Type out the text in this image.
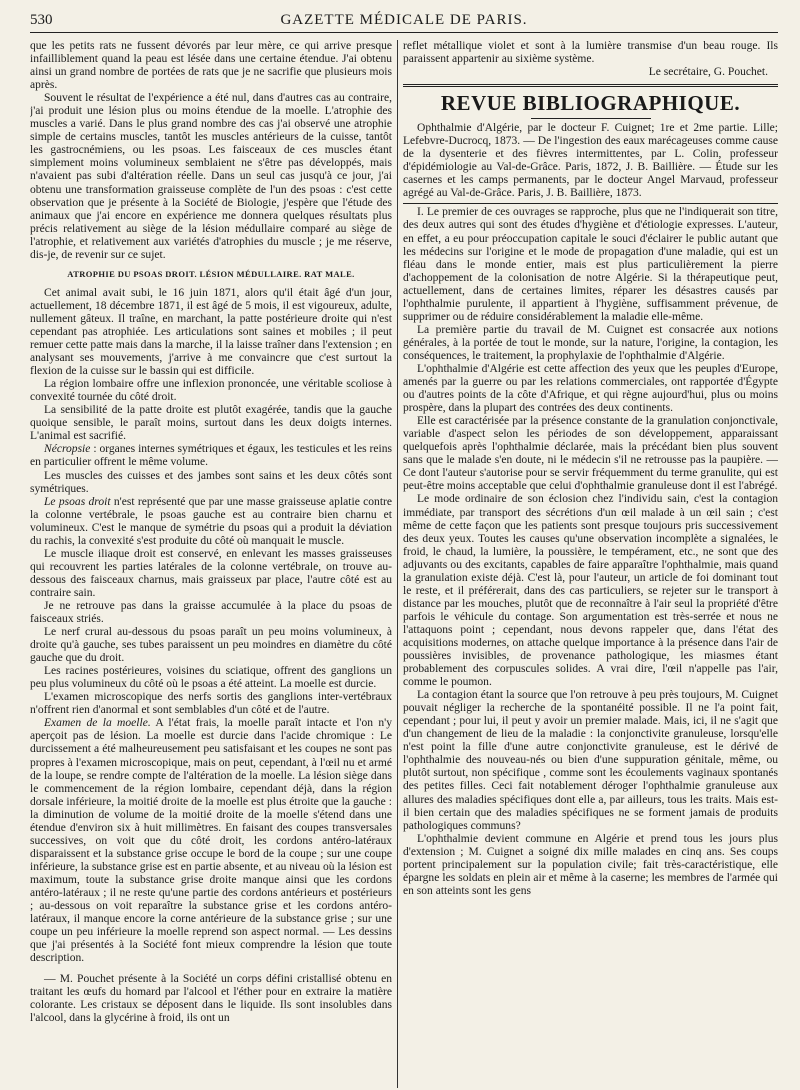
530	GAZETTE MÉDICALE DE PARIS.

que les petits rats ne fussent dévorés par leur mère, ce qui arrive presque infailliblement quand la peau est lésée dans une certaine étendue. J'ai obtenu ainsi un grand nombre de portées de rats que je ne sacrifie que plusieurs mois après.

Souvent le résultat de l'expérience a été nul, dans d'autres cas au contraire, j'ai produit une lésion plus ou moins étendue de la moelle. L'atrophie des muscles a varié. Dans le plus grand nombre des cas j'ai observé une atrophie simple de certains muscles, tantôt les muscles antérieurs de la cuisse, tantôt les gastrocnémiens, ou les psoas. Les faisceaux de ces muscles étant simplement moins volumineux semblaient ne s'être pas développés, mais n'avaient pas subi d'altération réelle. Dans un seul cas jusqu'à ce jour, j'ai obtenu une transformation graisseuse complète de l'un des psoas : c'est cette observation que je présente à la Société de Biologie, j'espère que l'étude des animaux que j'ai encore en expérience me donnera quelques résultats plus précis relativement au siège de la lésion médullaire comparé au siège de l'atrophie, et relativement aux variétés d'atrophies du muscle ; je me réserve, dis-je, de revenir sur ce sujet.

ATROPHIE DU PSOAS DROIT. LÉSION MÉDULLAIRE. RAT MALE.

Cet animal avait subi, le 16 juin 1871, alors qu'il était âgé d'un jour, actuellement, 18 décembre 1871, il est âgé de 5 mois, il est vigoureux, adulte, nullement gâteux. Il traîne, en marchant, la patte postérieure droite qui n'est cependant pas atrophiée. Les articulations sont saines et mobiles ; il peut remuer cette patte mais dans la marche, il la laisse traîner dans l'extension ; en analysant ses mouvements, j'arrive à me convaincre que c'est surtout la flexion de la cuisse sur le bassin qui est difficile.

La région lombaire offre une inflexion prononcée, une véritable scoliose à convexité tournée du côté droit.

La sensibilité de la patte droite est plutôt exagérée, tandis que la gauche quoique sensible, le paraît moins, surtout dans les deux doigts internes. L'animal est sacrifié.

Nécropsie : organes internes symétriques et égaux, les testicules et les reins en particulier offrent le même volume.

Les muscles des cuisses et des jambes sont sains et les deux côtés sont symétriques.

Le psoas droit n'est représenté que par une masse graisseuse aplatie contre la colonne vertébrale, le psoas gauche est au contraire bien charnu et volumineux. C'est le manque de symétrie du psoas qui a produit la déviation du rachis, la convexité s'est produite du côté où manquait le muscle.

Le muscle iliaque droit est conservé, en enlevant les masses graisseuses qui recouvrent les parties latérales de la colonne vertébrale, on trouve au-dessous des faisceaux charnus, mais graisseux par place, l'autre côté est au contraire sain.

Je ne retrouve pas dans la graisse accumulée à la place du psoas de faisceaux striés.

Le nerf crural au-dessous du psoas paraît un peu moins volumineux, à droite qu'à gauche, ses tubes paraissent un peu moindres en diamètre du côté gauche que du droit.

Les racines postérieures, voisines du sciatique, offrent des ganglions un peu plus volumineux du côté où le psoas a été atteint. La moelle est durcie.

L'examen microscopique des nerfs sortis des ganglions inter-vertébraux n'offrent rien d'anormal et sont semblables d'un côté et de l'autre.

Examen de la moelle. A l'état frais, la moelle paraît intacte et l'on n'y aperçoit pas de lésion. La moelle est durcie dans l'acide chromique : Le durcissement a été malheureusement peu satisfaisant et les coupes ne sont pas propres à l'examen microscopique, mais on peut, cependant, à l'œil nu et armé de la loupe, se rendre compte de l'altération de la moelle. La lésion siège dans le commencement de la région lombaire, cependant déjà, dans la région dorsale inférieure, la moitié droite de la moelle est plus étroite que la gauche : la diminution de volume de la moitié droite de la moelle s'étend dans une étendue d'environ six à huit millimètres. En faisant des coupes transversales successives, on voit que du côté droit, les cordons antéro-latéraux disparaissent et la substance grise occupe le bord de la coupe ; sur une coupe inférieure, la substance grise est en partie absente, et au niveau où la lésion est maximum, toute la substance grise droite manque ainsi que les cordons antéro-latéraux ; il ne reste qu'une partie des cordons antérieurs et postérieurs ; au-dessous on voit reparaître la substance grise et les cordons antéro-latéraux, il manque encore la corne antérieure de la substance grise ; sur une coupe un peu inférieure la moelle reprend son aspect normal. — Les dessins que j'ai présentés à la Société font mieux comprendre la lésion que toute description.

— M. Pouchet présente à la Société un corps défini cristallisé obtenu en traitant les œufs du homard par l'alcool et l'éther pour en extraire la matière colorante. Les cristaux se déposent dans le liquide. Ils sont insolubles dans l'alcool, dans la glycérine à froid, ils ont un

reflet métallique violet et sont à la lumière transmise d'un beau rouge. Ils paraissent appartenir au sixième système.

Le secrétaire, G. Pouchet.

REVUE BIBLIOGRAPHIQUE.

Ophthalmie d'Algérie, par le docteur F. Cuignet; 1re et 2me partie. Lille; Lefebvre-Ducrocq, 1873. — De l'ingestion des eaux marécageuses comme cause de la dysenterie et des fièvres intermittentes, par L. Colin, professeur d'épidémiologie au Val-de-Grâce. Paris, 1872, J. B. Baillière. — Étude sur les casernes et les camps permanents, par le docteur Angel Marvaud, professeur agrégé au Val-de-Grâce. Paris, J. B. Baillière, 1873.

I. Le premier de ces ouvrages se rapproche, plus que ne l'indiquerait son titre, des deux autres qui sont des études d'hygiène et d'étiologie expresses. L'auteur, en effet, a eu pour préoccupation capitale le souci d'éclairer le public autant que les médecins sur l'origine et le mode de propagation d'une maladie, qui est un fléau dans le monde entier, mais est plus particulièrement la pierre d'achoppement de la colonisation de notre Algérie. Si la thérapeutique peut, actuellement, dans de certaines limites, réparer les désastres causés par l'ophthalmie purulente, il appartient à l'hygiène, suffisamment prévenue, de supprimer ou de réduire considérablement la maladie elle-même.

La première partie du travail de M. Cuignet est consacrée aux notions générales, à la portée de tout le monde, sur la nature, l'origine, la contagion, les conséquences, le traitement, la prophylaxie de l'ophthalmie d'Algérie.

L'ophthalmie d'Algérie est cette affection des yeux que les peuples d'Europe, amenés par la guerre ou par les relations commerciales, ont rapportée d'Égypte ou d'autres points de la côte d'Afrique, et qui règne aujourd'hui, plus ou moins prospère, dans la plupart des contrées des deux continents.

Elle est caractérisée par la présence constante de la granulation conjonctivale, variable d'aspect selon les périodes de son développement, apparaissant quelquefois après l'ophthalmie déclarée, mais la précédant bien plus souvent sans que le malade s'en doute, ni le médecin s'il ne retrousse pas la paupière. — Ce dont l'auteur s'autorise pour se servir fréquemment du terme granulite, qui est peut-être moins acceptable que celui d'ophthalmie granuleuse dont il est l'abrégé.

Le mode ordinaire de son éclosion chez l'individu sain, c'est la contagion immédiate, par transport des sécrétions d'un œil malade à un œil sain ; c'est même de cette façon que les patients sont presque toujours pris successivement des deux yeux. Toutes les causes qu'une observation incomplète a signalées, le froid, le chaud, la lumière, la poussière, le tempérament, etc., ne sont que des adjuvants ou des excitants, capables de faire apparaître l'ophthalmie, mais quand la granulation existe déjà. C'est là, pour l'auteur, un article de foi dominant tout le reste, et il préférerait, dans des cas particuliers, se rejeter sur le transport à distance par les mouches, plutôt que de reconnaître à l'air seul la propriété d'être parfois le véhicule du contage. Son argumentation est très-serrée et nous ne l'attaquons point ; cependant, nous devons rappeler que, dans l'état des acquisitions modernes, on attache quelque importance à la présence dans l'air de poussières invisibles, de provenance pathologique, les miasmes étant probablement des corpuscules solides. A vrai dire, l'œil n'appelle pas l'air, comme le poumon.

La contagion étant la source que l'on retrouve à peu près toujours, M. Cuignet pouvait négliger la recherche de la spontanéité possible. Il ne l'a point fait, cependant ; pour lui, il peut y avoir un premier malade. Mais, ici, il ne s'agit que d'un changement de lieu de la maladie : la conjonctivite granuleuse, lorsqu'elle n'est point la fille d'une autre conjonctivite granuleuse, est le dérivé de l'ophthalmie des nouveau-nés ou bien d'une suppuration génitale, même, ou plutôt surtout, non spécifique , comme sont les écoulements vaginaux spontanés des petites filles. Ceci fait notablement déroger l'ophthalmie granuleuse aux allures des maladies spécifiques dont elle a, par ailleurs, tous les traits. Mais est-il bien certain que des maladies spécifiques ne se forment jamais de produits pathologiques communs?

L'ophthalmie devient commune en Algérie et prend tous les jours plus d'extension ; M. Cuignet a soigné dix mille malades en cinq ans. Ses coups portent principalement sur la population civile; fait très-caractéristique, elle épargne les soldats en plein air et même à la caserne; les membres de l'armée qui en son atteints sont les gens
